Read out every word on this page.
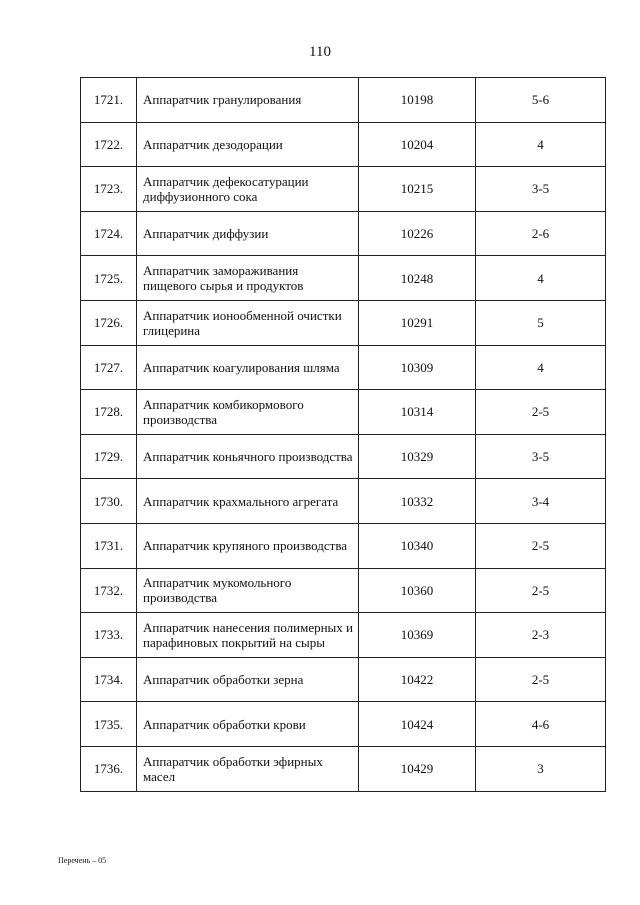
110
1721.	Аппаратчик гранулирования	10198	5-6
1722.	Аппаратчик дезодорации	10204	4
1723.	Аппаратчик дефекосатурации диффузионного сока	10215	3-5
1724.	Аппаратчик диффузии	10226	2-6
1725.	Аппаратчик замораживания пищевого сырья и продуктов	10248	4
1726.	Аппаратчик ионообменной очистки глицерина	10291	5
1727.	Аппаратчик коагулирования шляма	10309	4
1728.	Аппаратчик комбикормового производства	10314	2-5
1729.	Аппаратчик коньячного производства	10329	3-5
1730.	Аппаратчик крахмального агрегата	10332	3-4
1731.	Аппаратчик крупяного производства	10340	2-5
1732.	Аппаратчик мукомольного производства	10360	2-5
1733.	Аппаратчик нанесения полимерных и парафиновых покрытий на сыры	10369	2-3
1734.	Аппаратчик обработки зерна	10422	2-5
1735.	Аппаратчик обработки крови	10424	4-6
1736.	Аппаратчик обработки эфирных масел	10429	3
Перечень – 05
